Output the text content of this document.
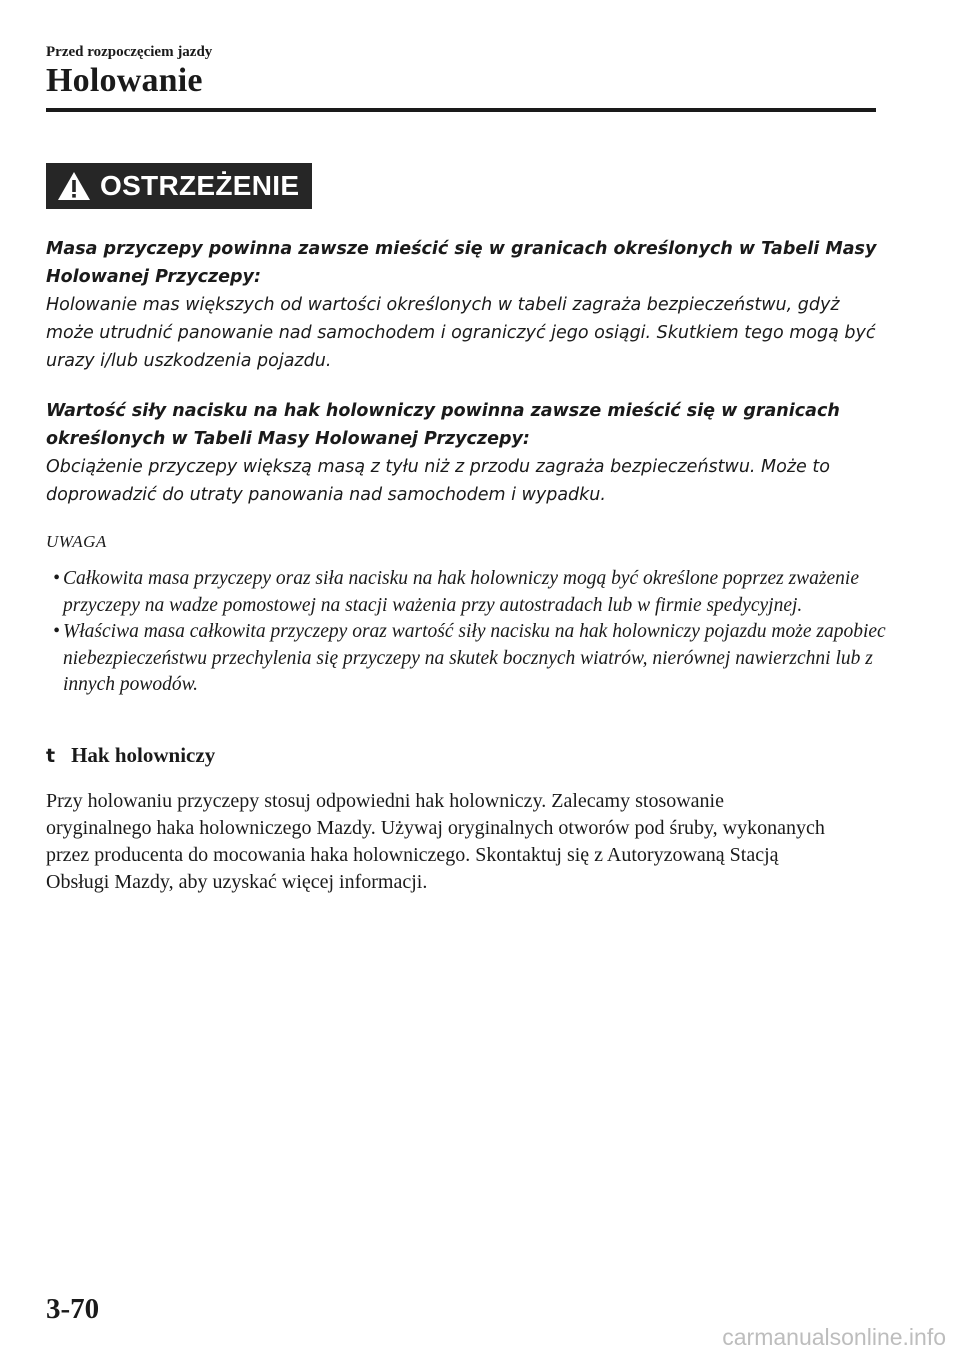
Przed rozpoczęciem jazdy
Holowanie
OSTRZEŻENIE
Masa przyczepy powinna zawsze mieścić się w granicach określonych w Tabeli Masy Holowanej Przyczepy:
Holowanie mas większych od wartości określonych w tabeli zagraża bezpieczeństwu, gdyż może utrudnić panowanie nad samochodem i ograniczyć jego osiągi. Skutkiem tego mogą być urazy i/lub uszkodzenia pojazdu.
Wartość siły nacisku na hak holowniczy powinna zawsze mieścić się w granicach określonych w Tabeli Masy Holowanej Przyczepy:
Obciążenie przyczepy większą masą z tyłu niż z przodu zagraża bezpieczeństwu. Może to doprowadzić do utraty panowania nad samochodem i wypadku.
UWAGA
• Całkowita masa przyczepy oraz siła nacisku na hak holowniczy mogą być określone poprzez zważenie przyczepy na wadze pomostowej na stacji ważenia przy autostradach lub w firmie spedycyjnej.
• Właściwa masa całkowita przyczepy oraz wartość siły nacisku na hak holowniczy pojazdu może zapobiec niebezpieczeństwu przechylenia się przyczepy na skutek bocznych wiatrów, nierównej nawierzchni lub z innych powodów.
t Hak holowniczy
Przy holowaniu przyczepy stosuj odpowiedni hak holowniczy. Zalecamy stosowanie oryginalnego haka holowniczego Mazdy. Używaj oryginalnych otworów pod śruby, wykonanych przez producenta do mocowania haka holowniczego. Skontaktuj się z Autoryzowaną Stacją Obsługi Mazdy, aby uzyskać więcej informacji.
3-70
carmanualsonline.info
